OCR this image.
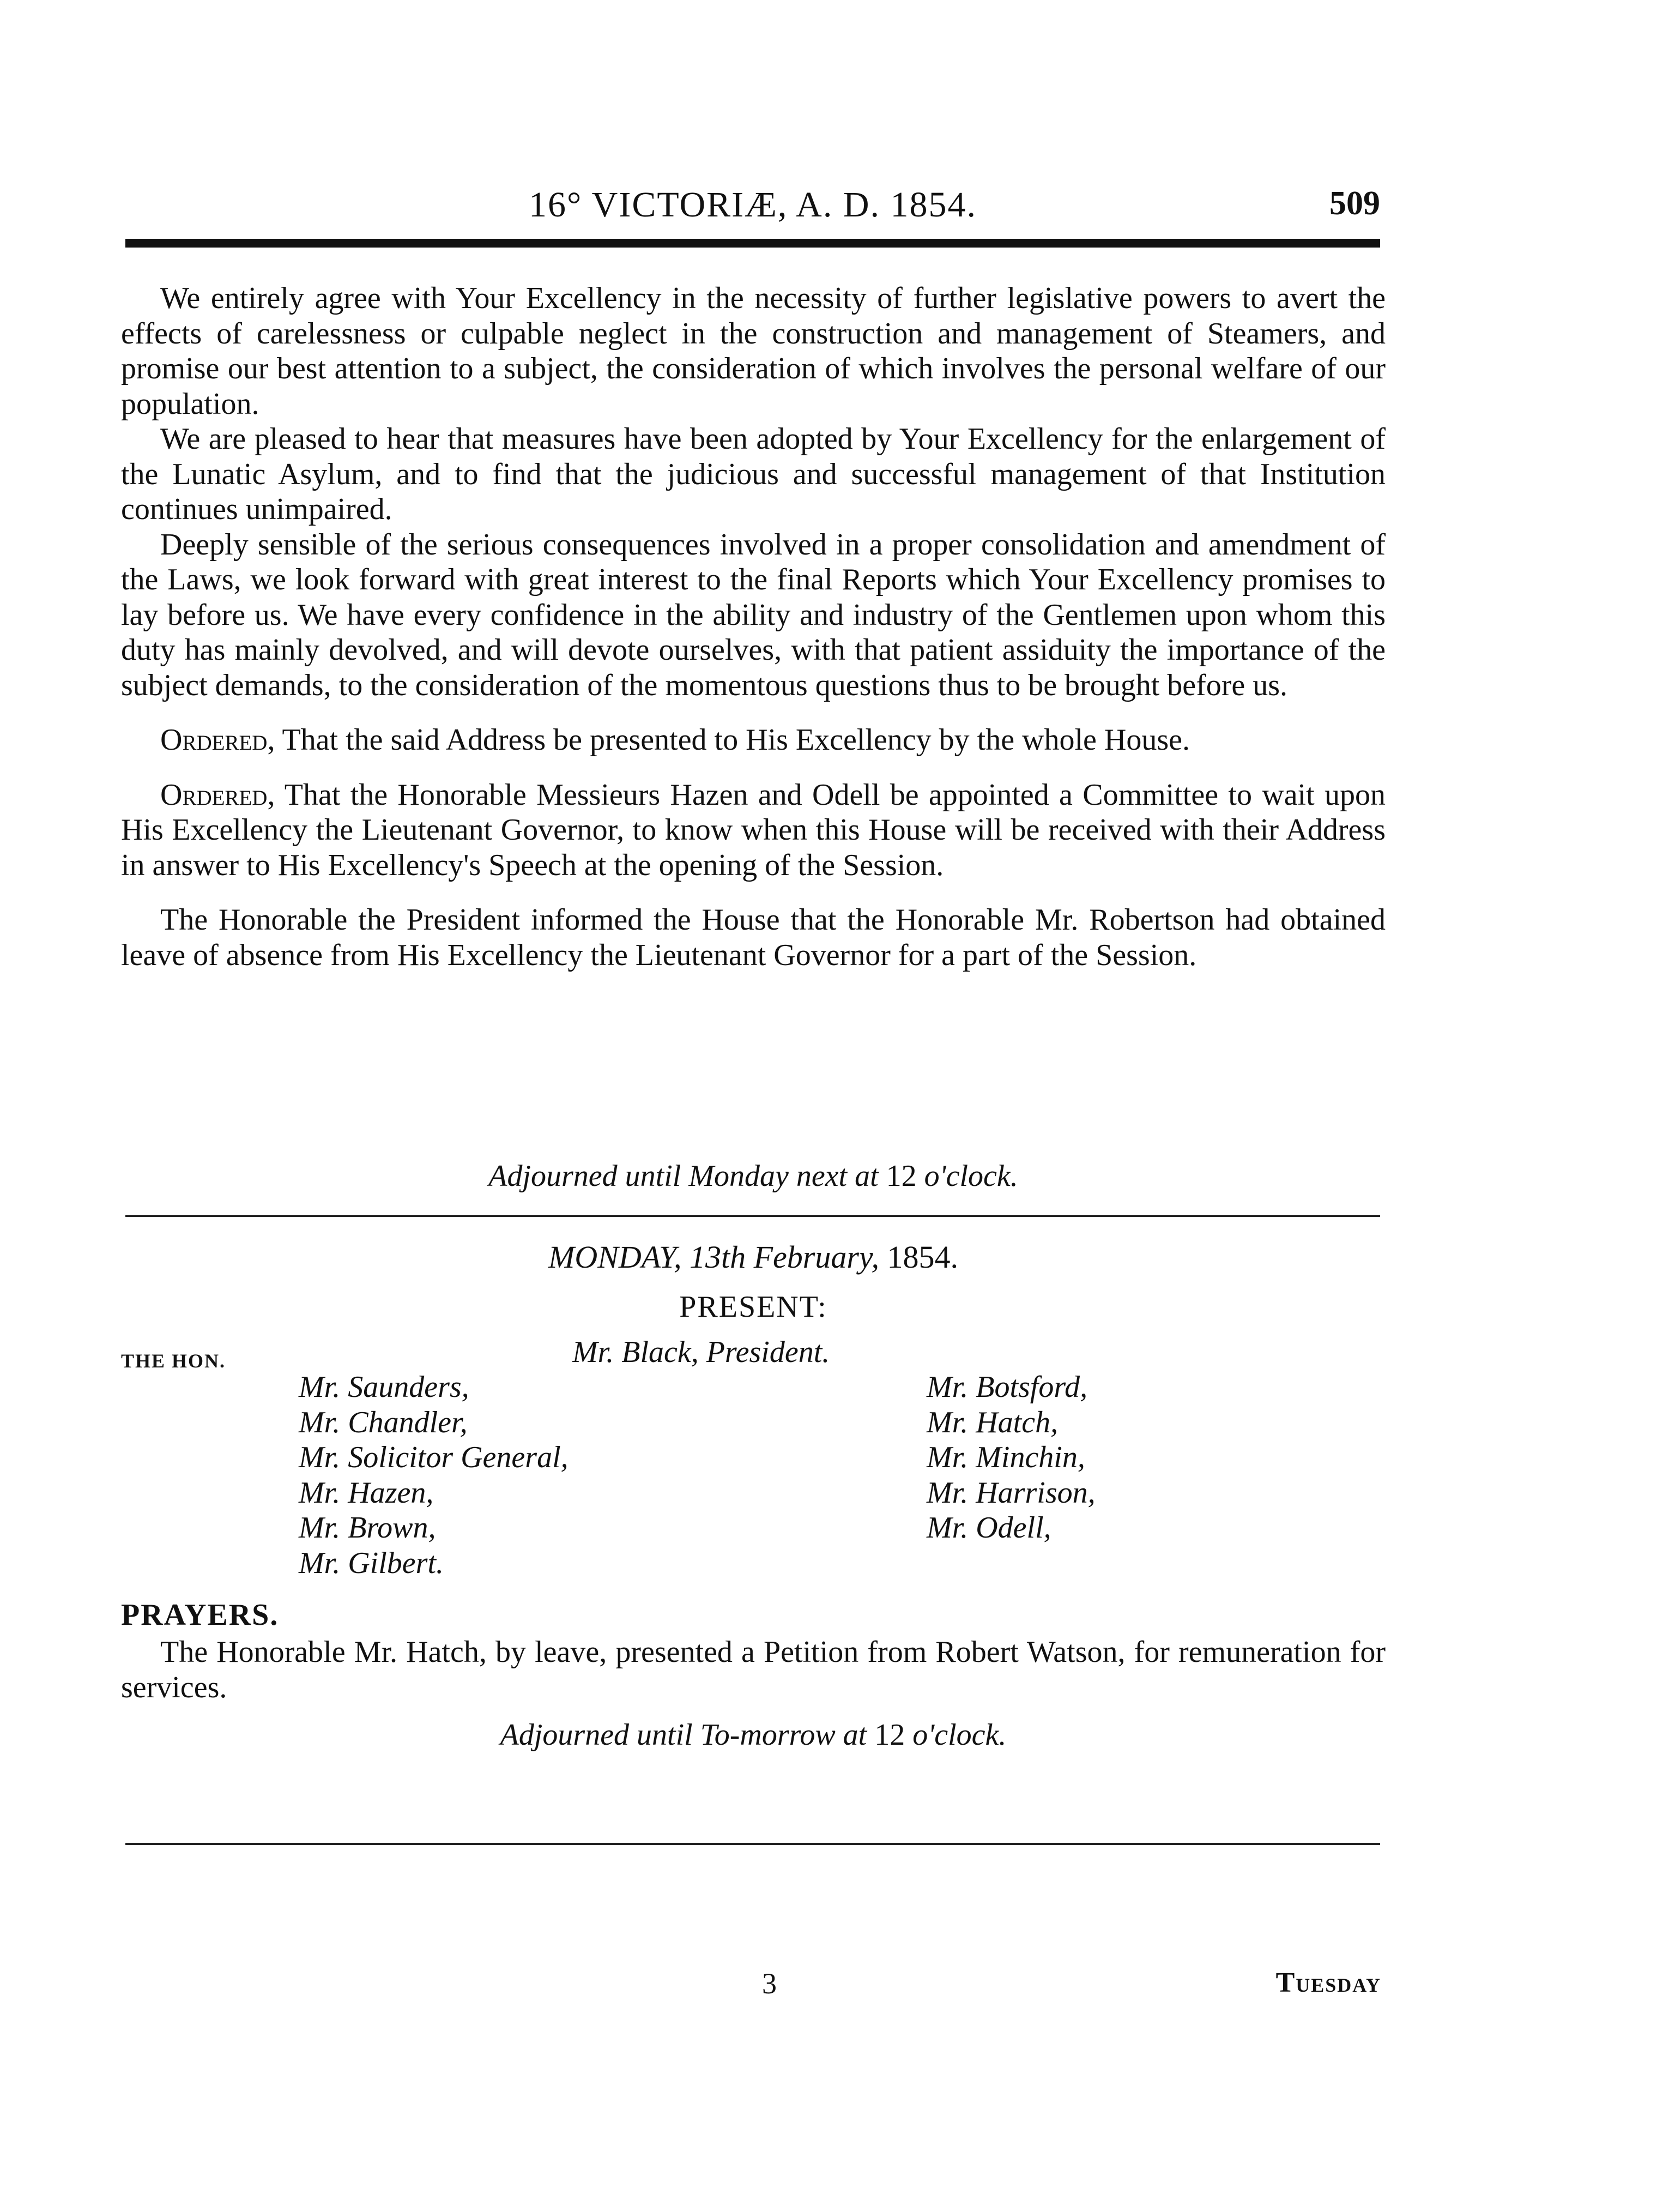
16° VICTORIÆ, A. D. 1854.	509

We entirely agree with Your Excellency in the necessity of further legislative powers to avert the effects of carelessness or culpable neglect in the construction and management of Steamers, and promise our best attention to a subject, the consideration of which involves the personal welfare of our population.

We are pleased to hear that measures have been adopted by Your Excellency for the enlargement of the Lunatic Asylum, and to find that the judicious and successful management of that Institution continues unimpaired.

Deeply sensible of the serious consequences involved in a proper consolidation and amendment of the Laws, we look forward with great interest to the final Reports which Your Excellency promises to lay before us. We have every confidence in the ability and industry of the Gentlemen upon whom this duty has mainly devolved, and will devote ourselves, with that patient assiduity the importance of the subject demands, to the consideration of the momentous questions thus to be brought before us.

Ordered, That the said Address be presented to His Excellency by the whole House.

Ordered, That the Honorable Messieurs Hazen and Odell be appointed a Committee to wait upon His Excellency the Lieutenant Governor, to know when this House will be received with their Address in answer to His Excellency's Speech at the opening of the Session.

The Honorable the President informed the House that the Honorable Mr. Robertson had obtained leave of absence from His Excellency the Lieutenant Governor for a part of the Session.

Adjourned until Monday next at 12 o'clock.
MONDAY, 13th February, 1854.
PRESENT:
THE HON.	Mr. Black, President.
Mr. Saunders,
Mr. Chandler,
Mr. Solicitor General,
Mr. Hazen,
Mr. Brown,
Mr. Gilbert.
Mr. Botsford,
Mr. Hatch,
Mr. Minchin,
Mr. Harrison,
Mr. Odell,
PRAYERS.

The Honorable Mr. Hatch, by leave, presented a Petition from Robert Watson, for remuneration for services.

Adjourned until To-morrow at 12 o'clock.
3	Tuesday
